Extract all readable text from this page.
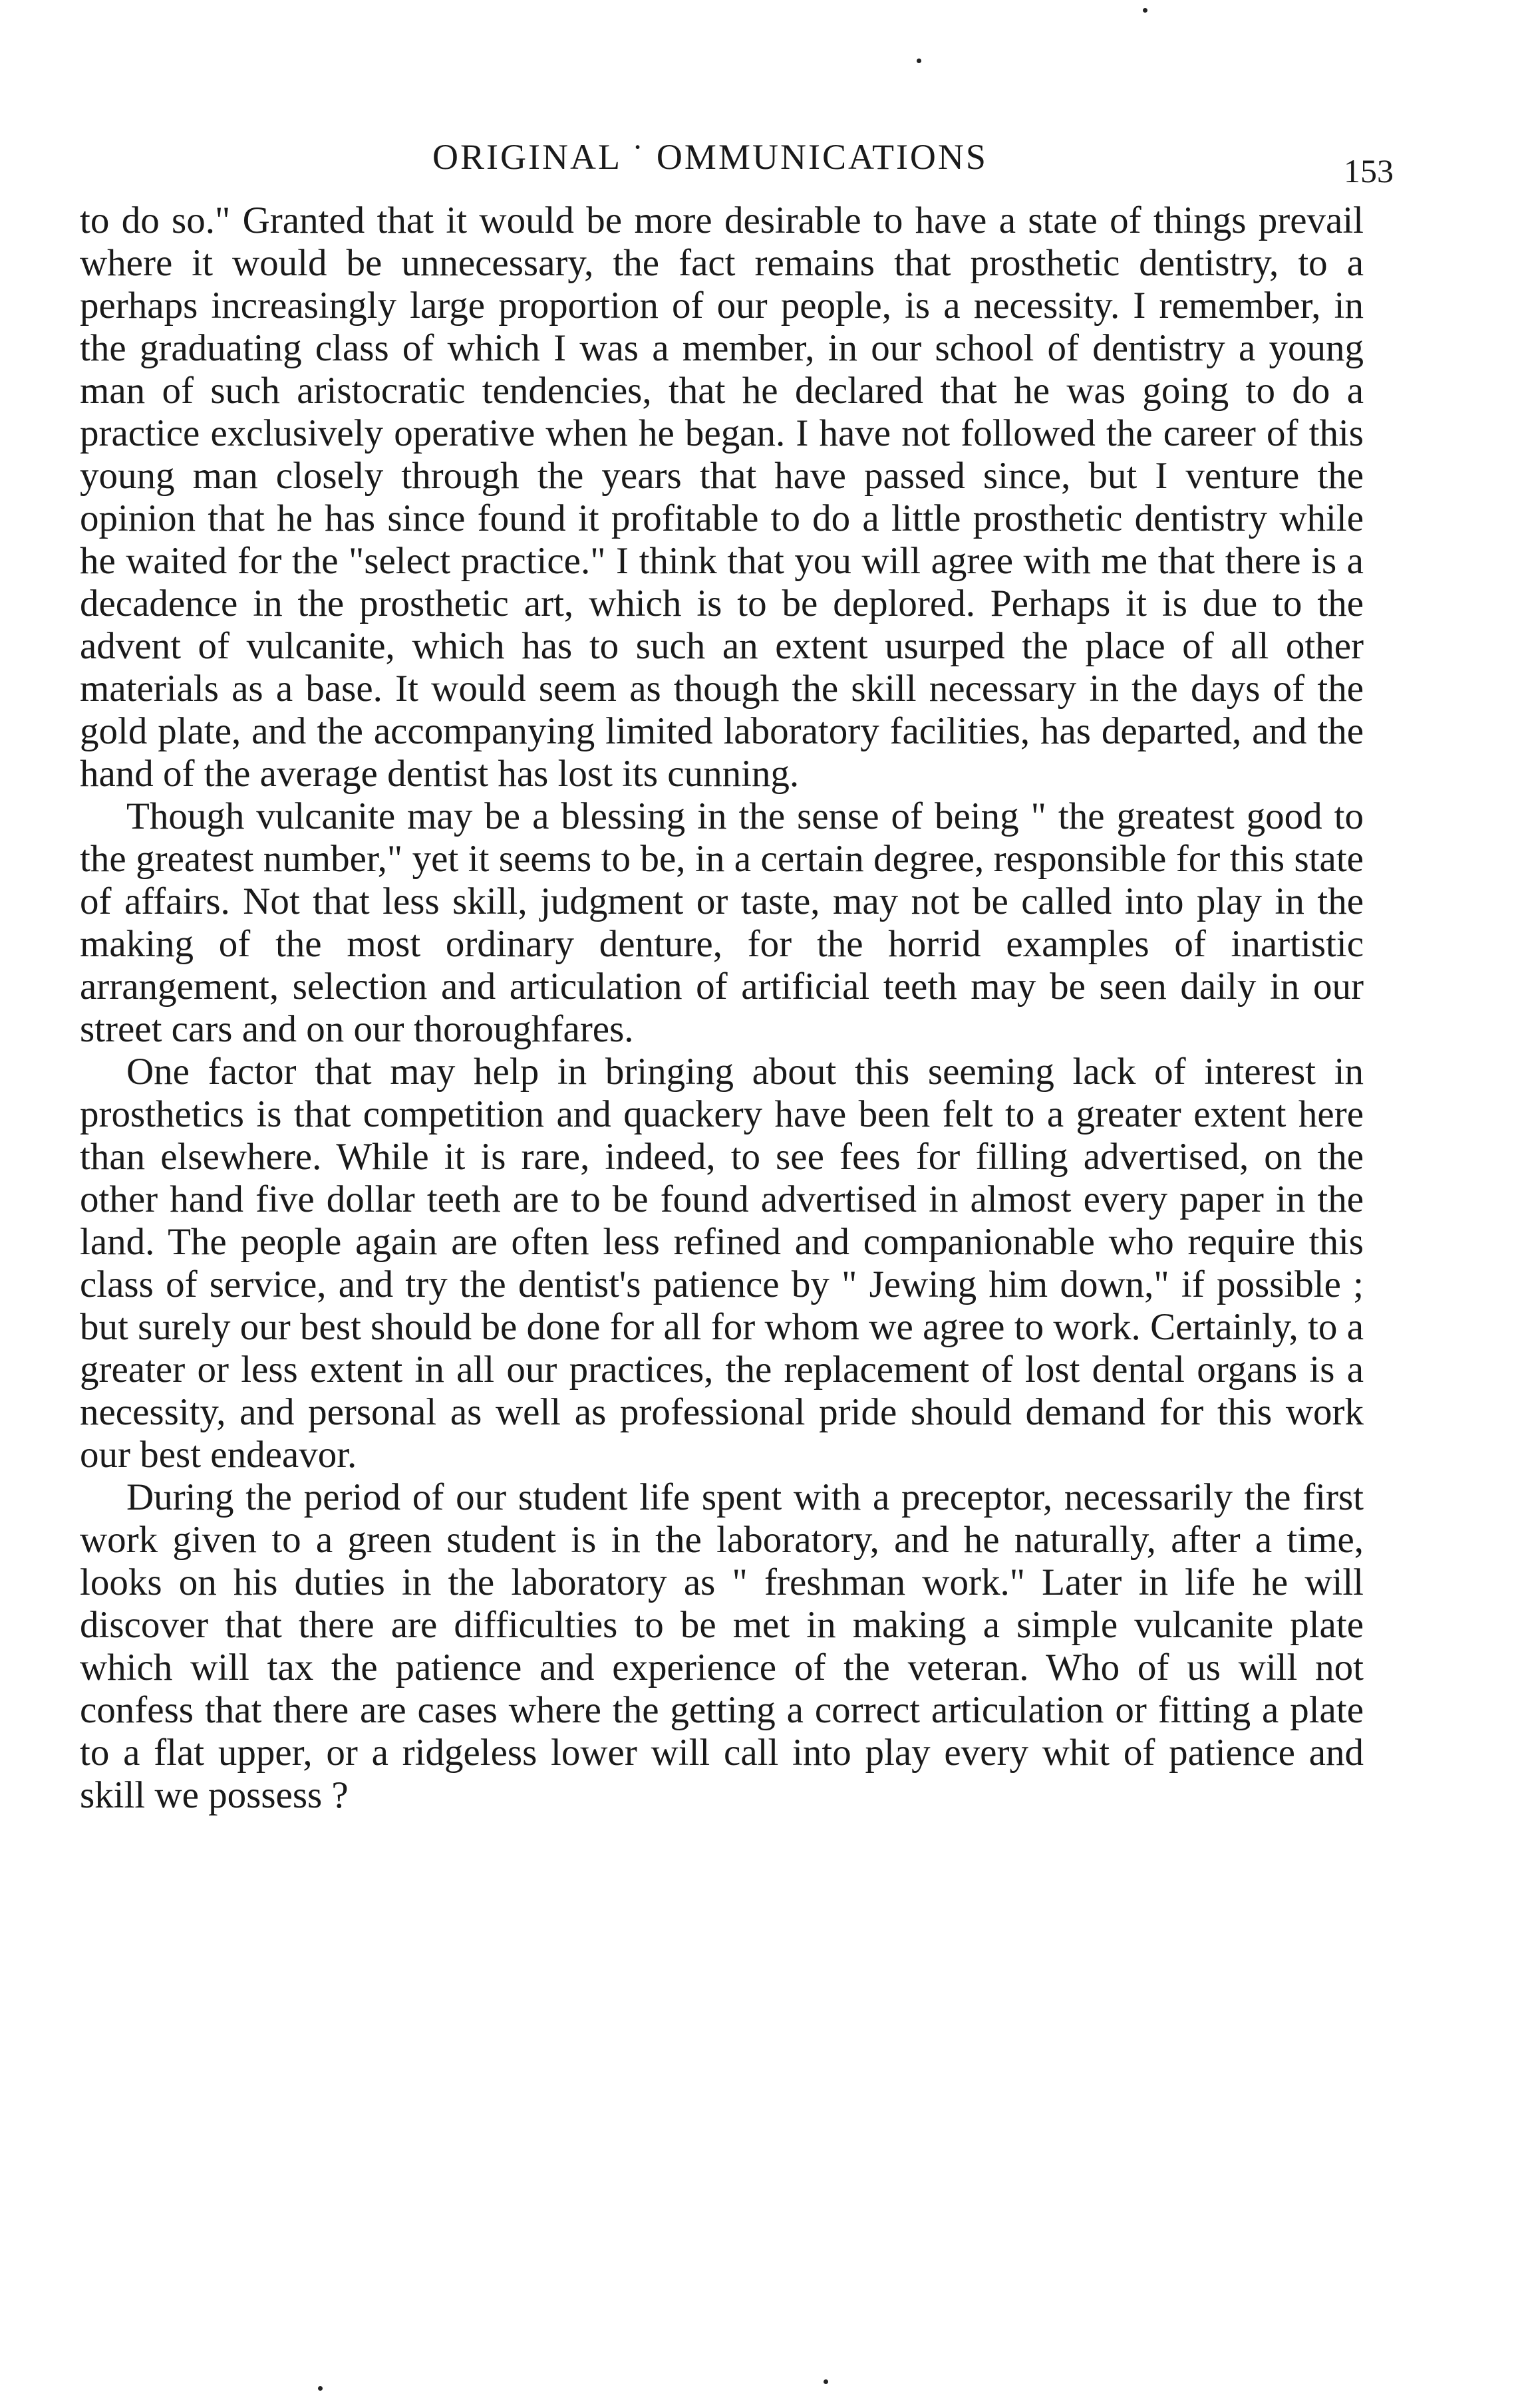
ORIGINAL ˙ OMMUNICATIONS	153

to do so." Granted that it would be more desirable to have a state of things prevail where it would be unnecessary, the fact remains that prosthetic dentistry, to a perhaps increasingly large proportion of our people, is a necessity. I remember, in the graduating class of which I was a member, in our school of dentistry a young man of such aristocratic tendencies, that he declared that he was going to do a practice exclusively operative when he began. I have not followed the career of this young man closely through the years that have passed since, but I venture the opinion that he has since found it profitable to do a little prosthetic dentistry while he waited for the "select practice." I think that you will agree with me that there is a decadence in the prosthetic art, which is to be deplored. Perhaps it is due to the advent of vulcanite, which has to such an extent usurped the place of all other materials as a base. It would seem as though the skill necessary in the days of the gold plate, and the accompanying limited laboratory facilities, has departed, and the hand of the average dentist has lost its cunning.

Though vulcanite may be a blessing in the sense of being " the greatest good to the greatest number," yet it seems to be, in a certain degree, responsible for this state of affairs. Not that less skill, judgment or taste, may not be called into play in the making of the most ordinary denture, for the horrid examples of inartistic arrangement, selection and articulation of artificial teeth may be seen daily in our street cars and on our thoroughfares.

One factor that may help in bringing about this seeming lack of interest in prosthetics is that competition and quackery have been felt to a greater extent here than elsewhere. While it is rare, indeed, to see fees for filling advertised, on the other hand five dollar teeth are to be found advertised in almost every paper in the land. The people again are often less refined and companionable who require this class of service, and try the dentist's patience by " Jewing him down," if possible ; but surely our best should be done for all for whom we agree to work. Certainly, to a greater or less extent in all our practices, the replacement of lost dental organs is a necessity, and personal as well as professional pride should demand for this work our best endeavor.

During the period of our student life spent with a preceptor, necessarily the first work given to a green student is in the laboratory, and he naturally, after a time, looks on his duties in the laboratory as " freshman work." Later in life he will discover that there are difficulties to be met in making a simple vulcanite plate which will tax the patience and experience of the veteran. Who of us will not confess that there are cases where the getting a correct articulation or fitting a plate to a flat upper, or a ridgeless lower will call into play every whit of patience and skill we possess ?
